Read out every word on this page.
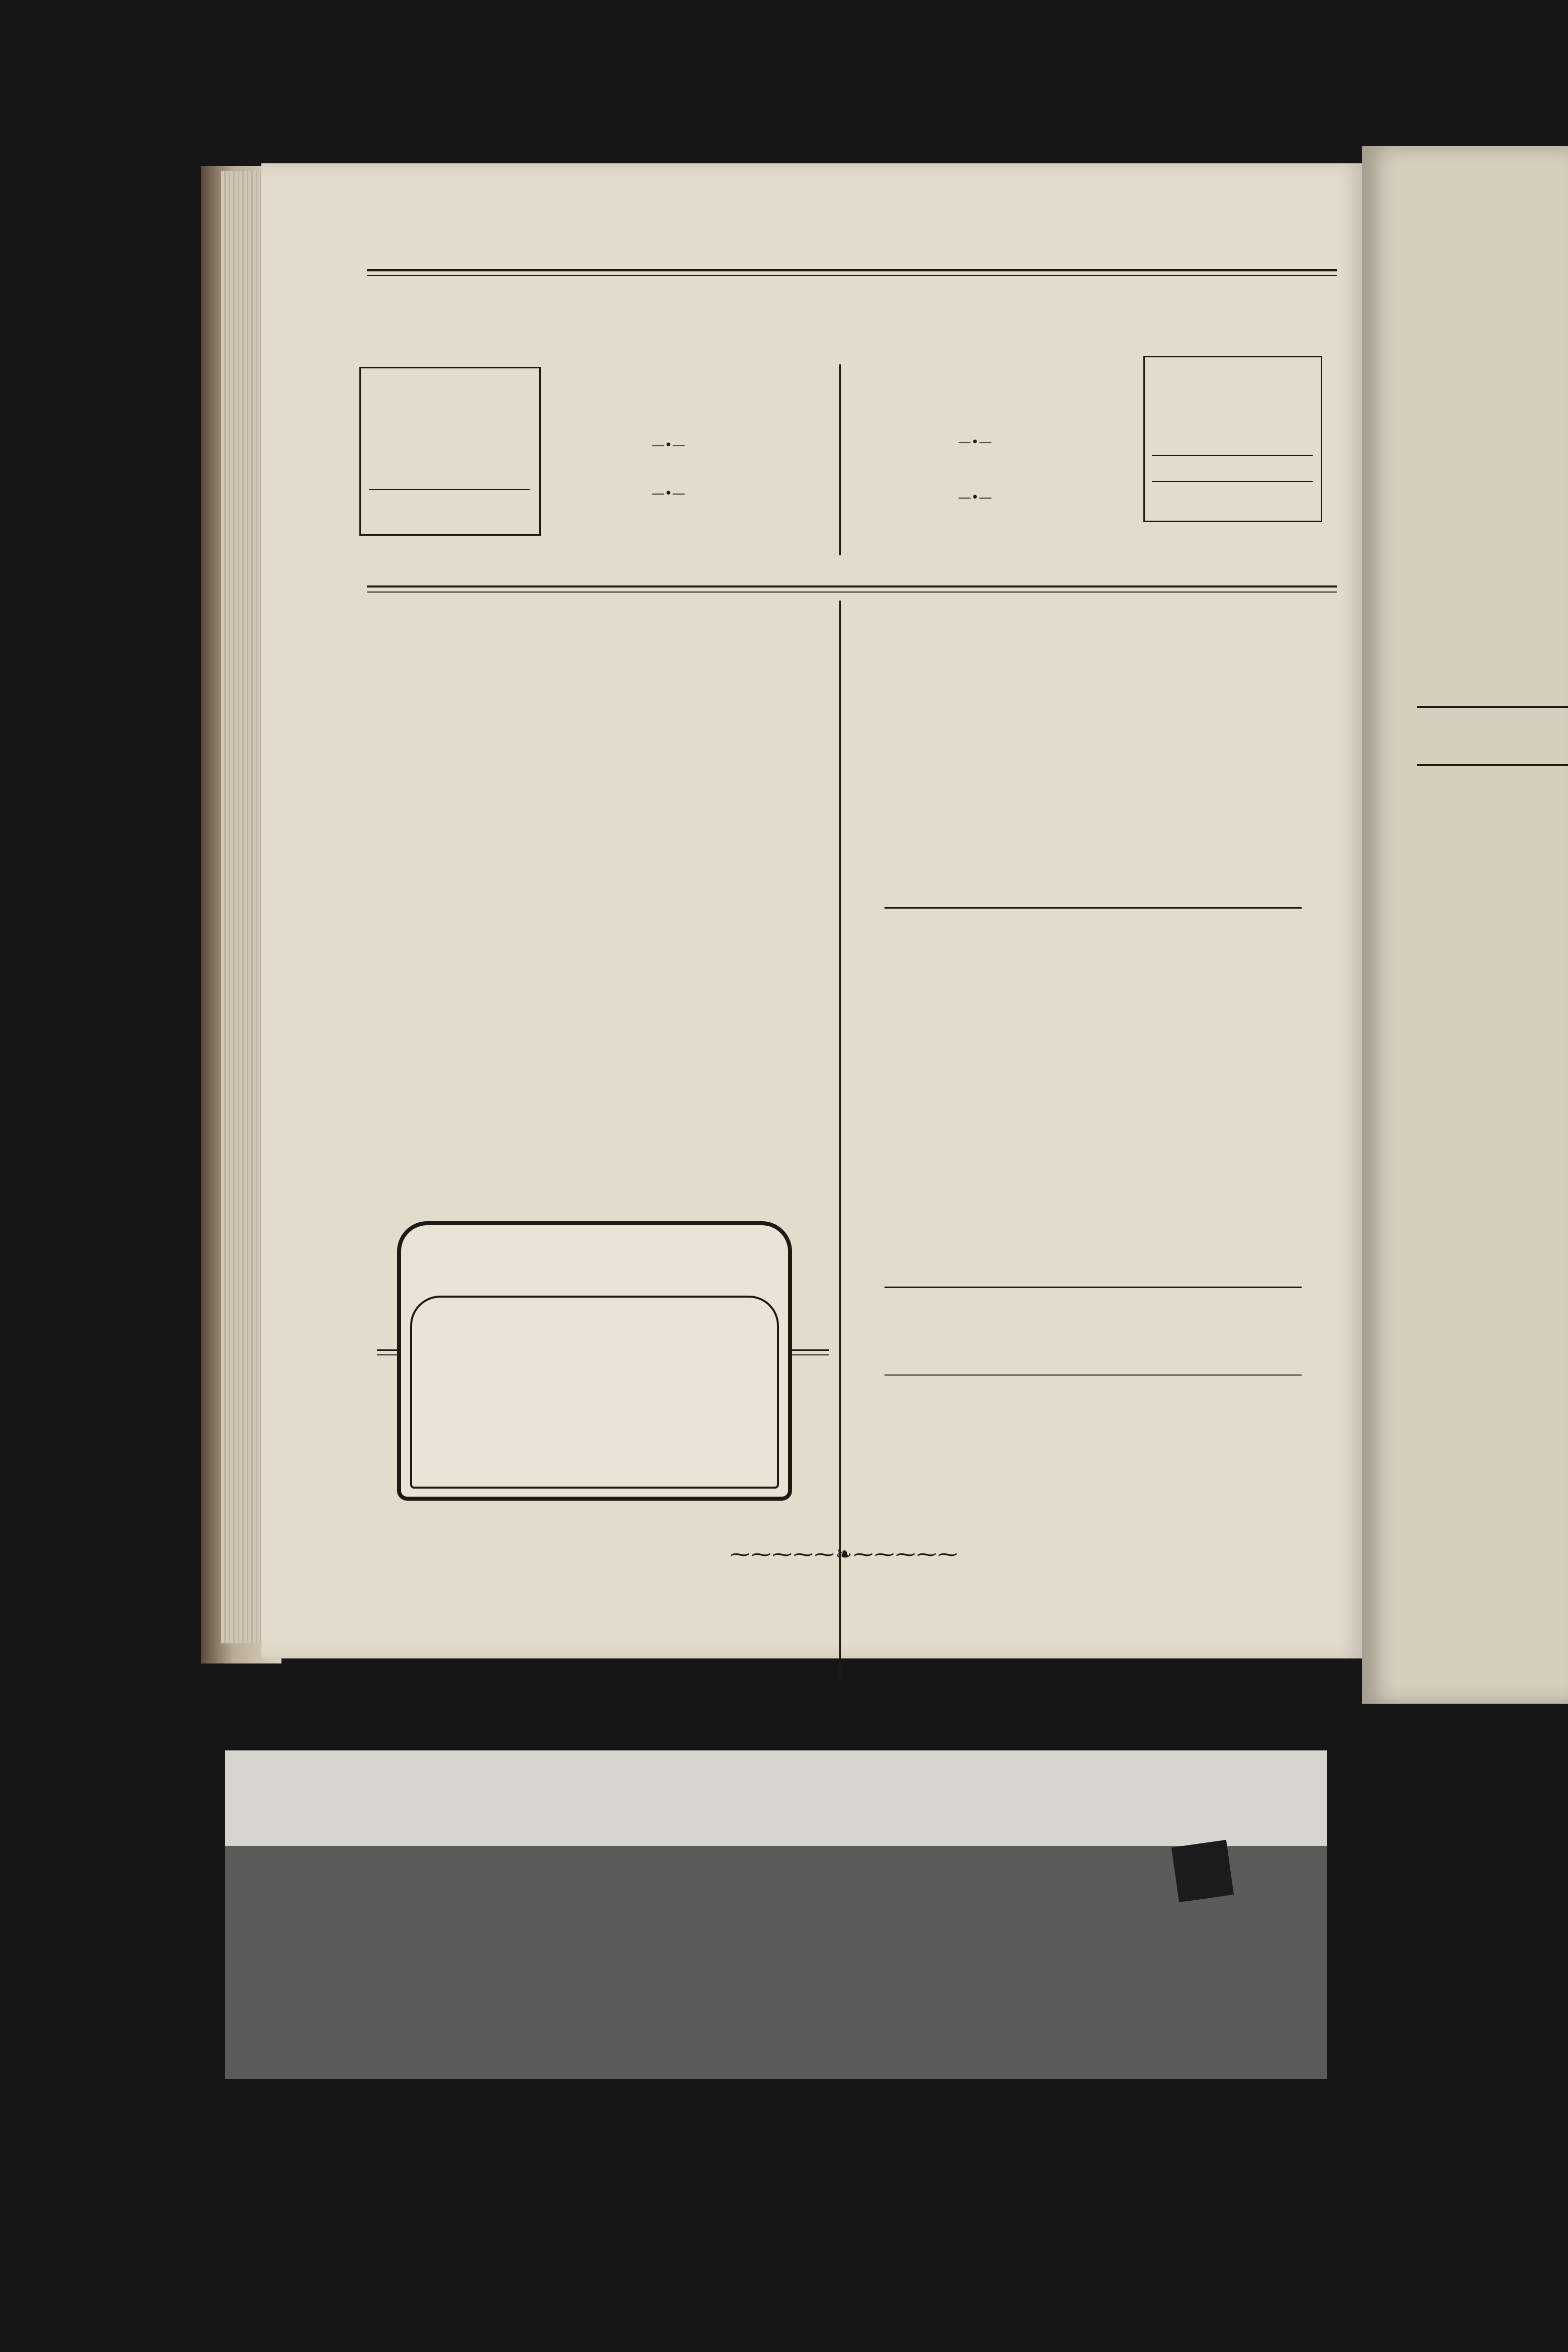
—•—
—•—
—•—
—•—
⁓⁓⁓⁓⁓❧⁓⁓⁓⁓⁓
